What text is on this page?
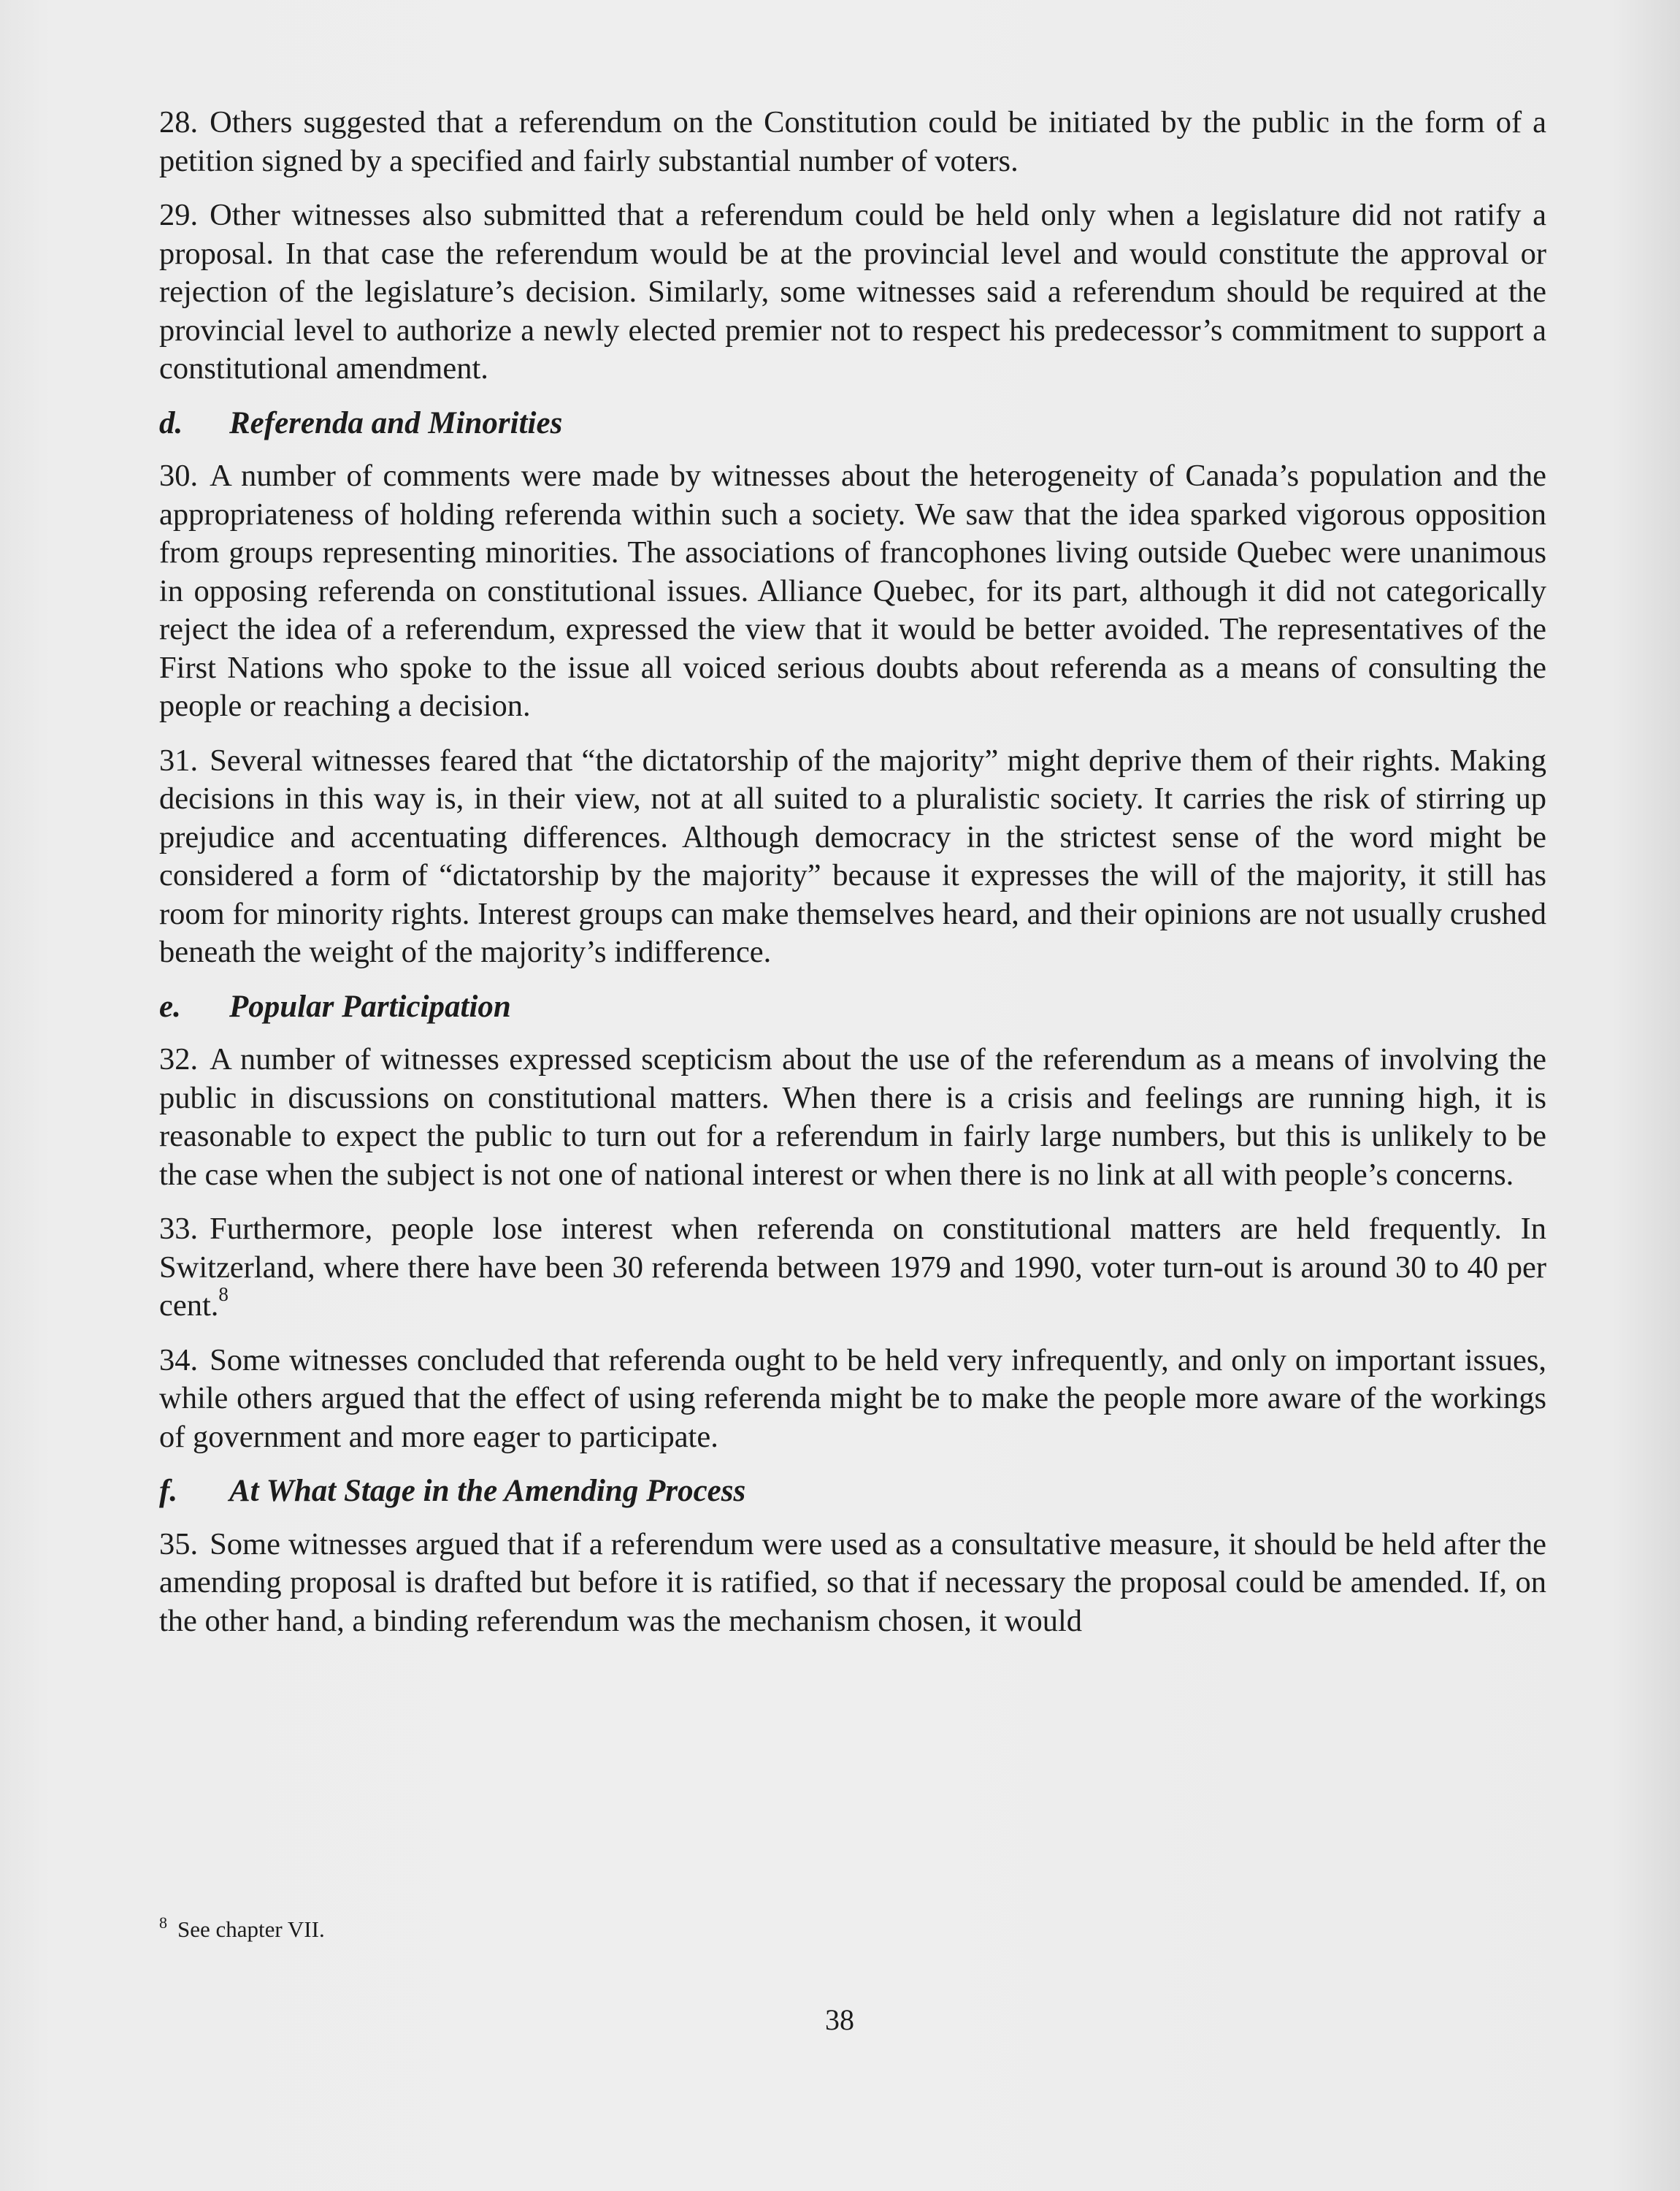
28. Others suggested that a referendum on the Constitution could be initiated by the public in the form of a petition signed by a specified and fairly substantial number of voters.

29. Other witnesses also submitted that a referendum could be held only when a legislature did not ratify a proposal. In that case the referendum would be at the provincial level and would constitute the approval or rejection of the legislature’s decision. Similarly, some witnesses said a referendum should be required at the provincial level to authorize a newly elected premier not to respect his predecessor’s commitment to support a constitutional amendment.

d. Referenda and Minorities

30. A number of comments were made by witnesses about the heterogeneity of Canada’s population and the appropriateness of holding referenda within such a society. We saw that the idea sparked vigorous opposition from groups representing minorities. The associations of francophones living outside Quebec were unanimous in opposing referenda on constitutional issues. Alliance Quebec, for its part, although it did not categorically reject the idea of a referendum, expressed the view that it would be better avoided. The representatives of the First Nations who spoke to the issue all voiced serious doubts about referenda as a means of consulting the people or reaching a decision.

31. Several witnesses feared that “the dictatorship of the majority” might deprive them of their rights. Making decisions in this way is, in their view, not at all suited to a pluralistic society. It carries the risk of stirring up prejudice and accentuating differences. Although democracy in the strictest sense of the word might be considered a form of “dictatorship by the majority” because it expresses the will of the majority, it still has room for minority rights. Interest groups can make themselves heard, and their opinions are not usually crushed beneath the weight of the majority’s indifference.

e. Popular Participation

32. A number of witnesses expressed scepticism about the use of the referendum as a means of involving the public in discussions on constitutional matters. When there is a crisis and feelings are running high, it is reasonable to expect the public to turn out for a referendum in fairly large numbers, but this is unlikely to be the case when the subject is not one of national interest or when there is no link at all with people’s concerns.

33. Furthermore, people lose interest when referenda on constitutional matters are held frequently. In Switzerland, where there have been 30 referenda between 1979 and 1990, voter turn-out is around 30 to 40 per cent.$^8$

34. Some witnesses concluded that referenda ought to be held very infrequently, and only on important issues, while others argued that the effect of using referenda might be to make the people more aware of the workings of government and more eager to participate.

f. At What Stage in the Amending Process

35. Some witnesses argued that if a referendum were used as a consultative measure, it should be held after the amending proposal is drafted but before it is ratified, so that if necessary the proposal could be amended. If, on the other hand, a binding referendum was the mechanism chosen, it would

$^8$ See chapter VII.
38
